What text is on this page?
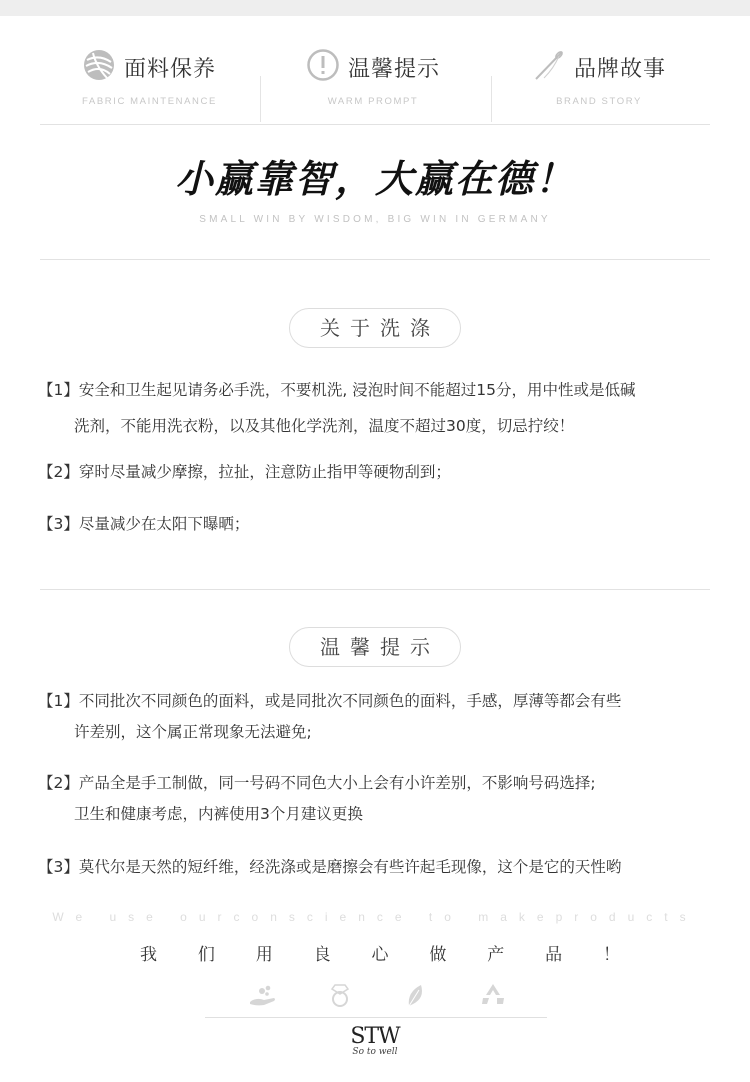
面料保养
FABRIC MAINTENANCE
温馨提示
WARM PROMPT
品牌故事
BRAND STORY
小赢靠智，大赢在德！
SMALL WIN BY WISDOM, BIG WIN IN GERMANY
关于洗涤
【1】安全和卫生起见请务必手洗，不要机洗, 浸泡时间不能超过15分，用中性或是低碱
洗剂，不能用洗衣粉，以及其他化学洗剂，温度不超过30度，切忌拧绞！
【2】穿时尽量减少摩擦，拉扯，注意防止指甲等硬物刮到；
【3】尽量减少在太阳下曝晒；
温馨提示
【1】不同批次不同颜色的面料，或是同批次不同颜色的面料，手感，厚薄等都会有些
许差别，这个属正常现象无法避免;
【2】产品全是手工制做，同一号码不同色大小上会有小许差别，不影响号码选择;
卫生和健康考虑，内裤使用3个月建议更换
【3】莫代尔是天然的短纤维，经洗涤或是磨擦会有些许起毛现像，这个是它的天性哟
We use ourconscience to makeproducts
我 们 用 良 心 做 产 品 ！
STW
So to well
